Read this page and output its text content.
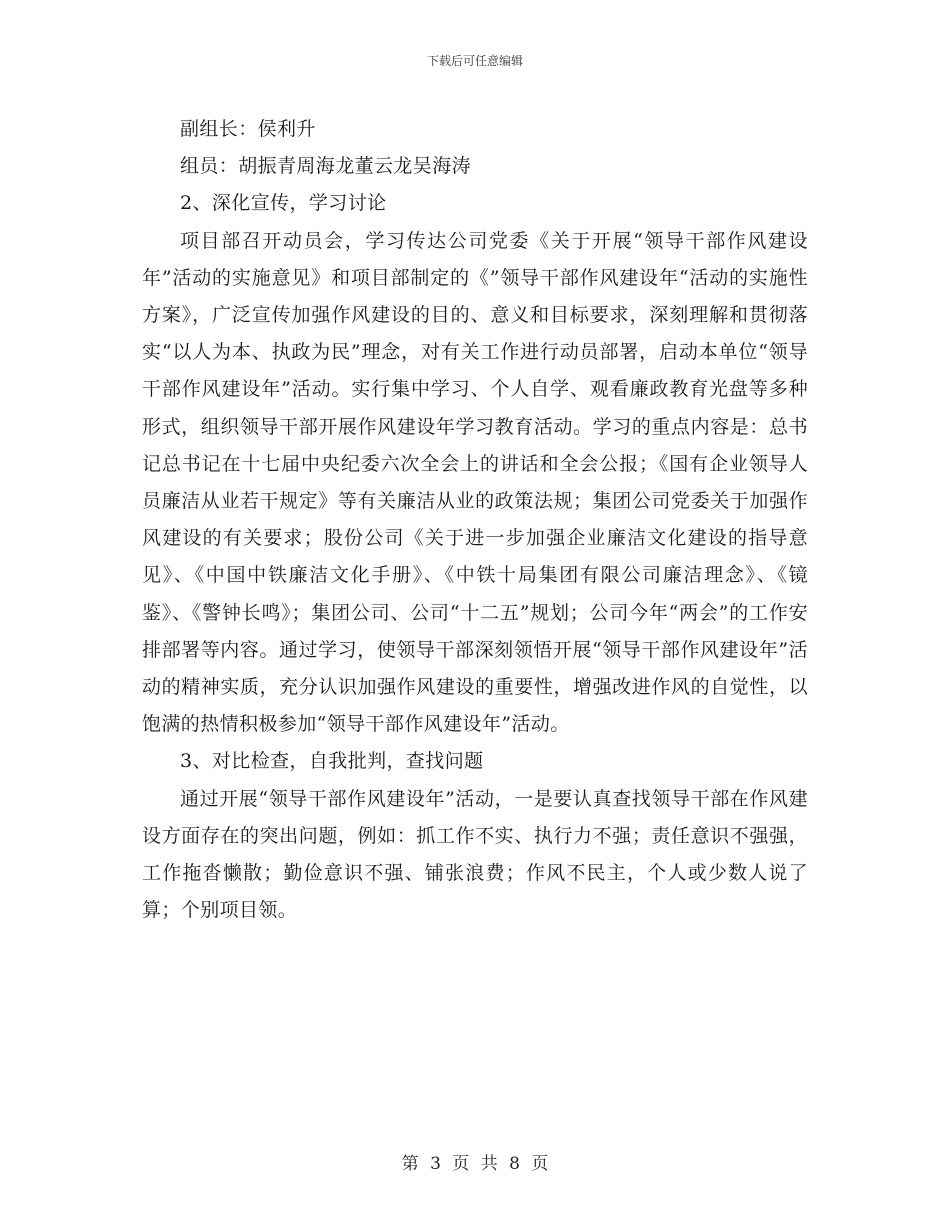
下载后可任意编辑

副组长：侯利升

组员：胡振青周海龙董云龙吴海涛

2、深化宣传，学习讨论

项目部召开动员会，学习传达公司党委《关于开展“领导干部作风建设年”活动的实施意见》和项目部制定的《”领导干部作风建设年“活动的实施性方案》，广泛宣传加强作风建设的目的、意义和目标要求，深刻理解和贯彻落实“以人为本、执政为民”理念，对有关工作进行动员部署，启动本单位“领导干部作风建设年”活动。实行集中学习、个人自学、观看廉政教育光盘等多种形式，组织领导干部开展作风建设年学习教育活动。学习的重点内容是：总书记总书记在十七届中央纪委六次全会上的讲话和全会公报；《国有企业领导人员廉洁从业若干规定》等有关廉洁从业的政策法规；集团公司党委关于加强作风建设的有关要求；股份公司《关于进一步加强企业廉洁文化建设的指导意见》、《中国中铁廉洁文化手册》、《中铁十局集团有限公司廉洁理念》、《镜鉴》、《警钟长鸣》；集团公司、公司“十二五”规划；公司今年“两会”的工作安排部署等内容。通过学习，使领导干部深刻领悟开展“领导干部作风建设年”活动的精神实质，充分认识加强作风建设的重要性，增强改进作风的自觉性，以饱满的热情积极参加“领导干部作风建设年”活动。

3、对比检查，自我批判，查找问题

通过开展“领导干部作风建设年”活动，一是要认真查找领导干部在作风建设方面存在的突出问题，例如：抓工作不实、执行力不强；责任意识不强强，工作拖沓懒散；勤俭意识不强、铺张浪费；作风不民主，个人或少数人说了算；个别项目领。

第 3 页 共 8 页
